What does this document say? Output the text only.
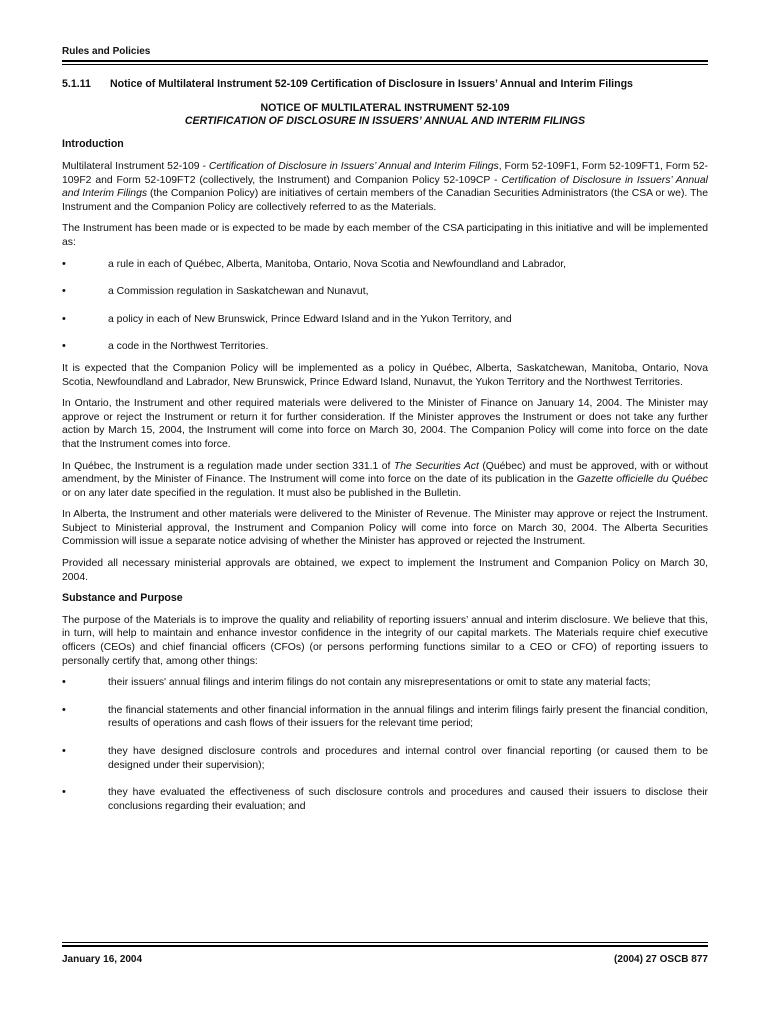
Rules and Policies
5.1.11	Notice of Multilateral Instrument 52-109 Certification of Disclosure in Issuers’ Annual and Interim Filings
NOTICE OF MULTILATERAL INSTRUMENT 52-109
CERTIFICATION OF DISCLOSURE IN ISSUERS’ ANNUAL AND INTERIM FILINGS
Introduction

Multilateral Instrument 52-109 - Certification of Disclosure in Issuers’ Annual and Interim Filings, Form 52-109F1, Form 52-109FT1, Form 52-109F2 and Form 52-109FT2 (collectively, the Instrument) and Companion Policy 52-109CP - Certification of Disclosure in Issuers’ Annual and Interim Filings (the Companion Policy) are initiatives of certain members of the Canadian Securities Administrators (the CSA or we). The Instrument and the Companion Policy are collectively referred to as the Materials.

The Instrument has been made or is expected to be made by each member of the CSA participating in this initiative and will be implemented as:

•	a rule in each of Québec, Alberta, Manitoba, Ontario, Nova Scotia and Newfoundland and Labrador,
•	a Commission regulation in Saskatchewan and Nunavut,
•	a policy in each of New Brunswick, Prince Edward Island and in the Yukon Territory, and
•	a code in the Northwest Territories.

It is expected that the Companion Policy will be implemented as a policy in Québec, Alberta, Saskatchewan, Manitoba, Ontario, Nova Scotia, Newfoundland and Labrador, New Brunswick, Prince Edward Island, Nunavut, the Yukon Territory and the Northwest Territories.

In Ontario, the Instrument and other required materials were delivered to the Minister of Finance on January 14, 2004. The Minister may approve or reject the Instrument or return it for further consideration. If the Minister approves the Instrument or does not take any further action by March 15, 2004, the Instrument will come into force on March 30, 2004. The Companion Policy will come into force on the date that the Instrument comes into force.

In Québec, the Instrument is a regulation made under section 331.1 of The Securities Act (Québec) and must be approved, with or without amendment, by the Minister of Finance. The Instrument will come into force on the date of its publication in the Gazette officielle du Québec or on any later date specified in the regulation. It must also be published in the Bulletin.

In Alberta, the Instrument and other materials were delivered to the Minister of Revenue. The Minister may approve or reject the Instrument. Subject to Ministerial approval, the Instrument and Companion Policy will come into force on March 30, 2004. The Alberta Securities Commission will issue a separate notice advising of whether the Minister has approved or rejected the Instrument.

Provided all necessary ministerial approvals are obtained, we expect to implement the Instrument and Companion Policy on March 30, 2004.

Substance and Purpose

The purpose of the Materials is to improve the quality and reliability of reporting issuers’ annual and interim disclosure. We believe that this, in turn, will help to maintain and enhance investor confidence in the integrity of our capital markets. The Materials require chief executive officers (CEOs) and chief financial officers (CFOs) (or persons performing functions similar to a CEO or CFO) of reporting issuers to personally certify that, among other things:

•	their issuers' annual filings and interim filings do not contain any misrepresentations or omit to state any material facts;
•	the financial statements and other financial information in the annual filings and interim filings fairly present the financial condition, results of operations and cash flows of their issuers for the relevant time period;
•	they have designed disclosure controls and procedures and internal control over financial reporting (or caused them to be designed under their supervision);
•	they have evaluated the effectiveness of such disclosure controls and procedures and caused their issuers to disclose their conclusions regarding their evaluation; and
January 16, 2004	(2004) 27 OSCB 877
